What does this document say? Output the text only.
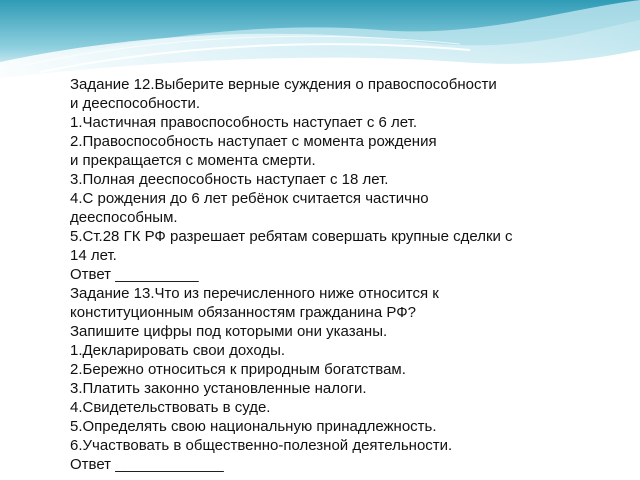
Задание 12.Выберите верные суждения о правоспособности
и дееспособности.
1.Частичная правоспособность наступает с 6 лет.
2.Правоспособность наступает с момента рождения
и прекращается с момента смерти.
3.Полная дееспособность наступает с 18 лет.
4.С рождения до 6 лет ребёнок считается частично
дееспособным.
5.Ст.28 ГК РФ разрешает ребятам совершать крупные сделки с
14 лет.
Ответ __________
Задание 13.Что из перечисленного ниже относится к
конституционным обязанностям гражданина РФ?
Запишите цифры под которыми они указаны.
1.Декларировать свои доходы.
2.Бережно относиться к природным богатствам.
3.Платить законно установленные налоги.
4.Свидетельствовать в суде.
5.Определять свою национальную принадлежность.
6.Участвовать в общественно-полезной деятельности.
Ответ _____________
